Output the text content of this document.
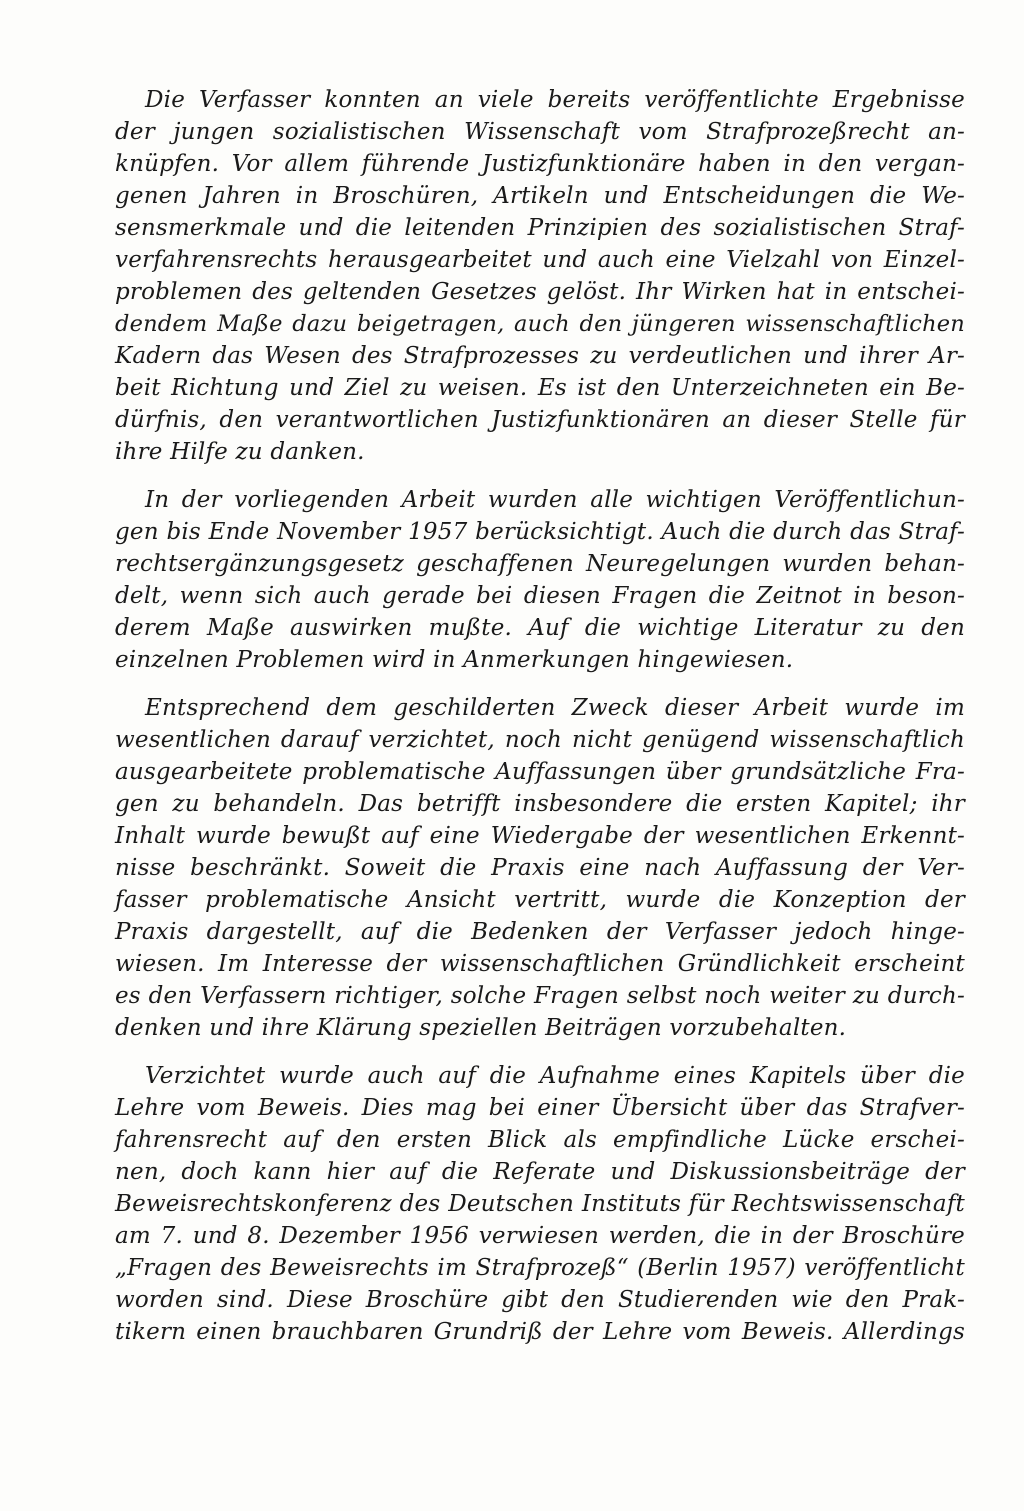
Die Verfasser konnten an viele bereits veröffentlichte Ergebnisse
der jungen sozialistischen Wissenschaft vom Strafprozeßrecht an-
knüpfen. Vor allem führende Justizfunktionäre haben in den vergan-
genen Jahren in Broschüren, Artikeln und Entscheidungen die We-
sensmerkmale und die leitenden Prinzipien des sozialistischen Straf-
verfahrensrechts herausgearbeitet und auch eine Vielzahl von Einzel-
problemen des geltenden Gesetzes gelöst. Ihr Wirken hat in entschei-
dendem Maße dazu beigetragen, auch den jüngeren wissenschaftlichen
Kadern das Wesen des Strafprozesses zu verdeutlichen und ihrer Ar-
beit Richtung und Ziel zu weisen. Es ist den Unterzeichneten ein Be-
dürfnis, den verantwortlichen Justizfunktionären an dieser Stelle für
ihre Hilfe zu danken.

In der vorliegenden Arbeit wurden alle wichtigen Veröffentlichun-
gen bis Ende November 1957 berücksichtigt. Auch die durch das Straf-
rechtsergänzungsgesetz geschaffenen Neuregelungen wurden behan-
delt, wenn sich auch gerade bei diesen Fragen die Zeitnot in beson-
derem Maße auswirken mußte. Auf die wichtige Literatur zu den
einzelnen Problemen wird in Anmerkungen hingewiesen.

Entsprechend dem geschilderten Zweck dieser Arbeit wurde im
wesentlichen darauf verzichtet, noch nicht genügend wissenschaftlich
ausgearbeitete problematische Auffassungen über grundsätzliche Fra-
gen zu behandeln. Das betrifft insbesondere die ersten Kapitel; ihr
Inhalt wurde bewußt auf eine Wiedergabe der wesentlichen Erkennt-
nisse beschränkt. Soweit die Praxis eine nach Auffassung der Ver-
fasser problematische Ansicht vertritt, wurde die Konzeption der
Praxis dargestellt, auf die Bedenken der Verfasser jedoch hinge-
wiesen. Im Interesse der wissenschaftlichen Gründlichkeit erscheint
es den Verfassern richtiger, solche Fragen selbst noch weiter zu durch-
denken und ihre Klärung speziellen Beiträgen vorzubehalten.

Verzichtet wurde auch auf die Aufnahme eines Kapitels über die
Lehre vom Beweis. Dies mag bei einer Übersicht über das Strafver-
fahrensrecht auf den ersten Blick als empfindliche Lücke erschei-
nen, doch kann hier auf die Referate und Diskussionsbeiträge der
Beweisrechtskonferenz des Deutschen Instituts für Rechtswissenschaft
am 7. und 8. Dezember 1956 verwiesen werden, die in der Broschüre
„Fragen des Beweisrechts im Strafprozeß“ (Berlin 1957) veröffentlicht
worden sind. Diese Broschüre gibt den Studierenden wie den Prak-
tikern einen brauchbaren Grundriß der Lehre vom Beweis. Allerdings
